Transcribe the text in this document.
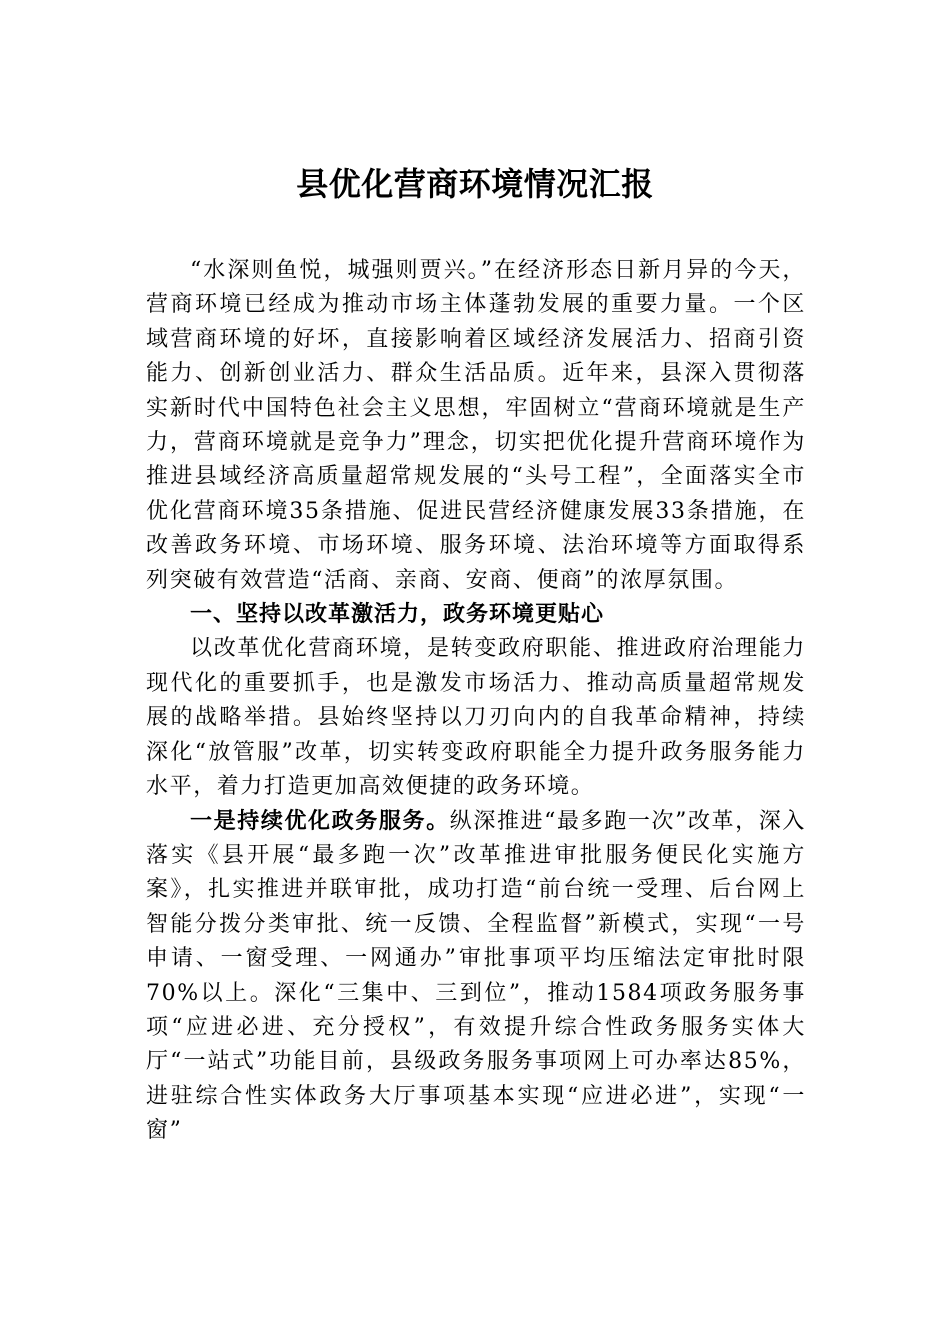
县优化营商环境情况汇报

“水深则鱼悦，城强则贾兴。”在经济形态日新月异的今天，营商环境已经成为推动市场主体蓬勃发展的重要力量。一个区域营商环境的好坏，直接影响着区域经济发展活力、招商引资能力、创新创业活力、群众生活品质。近年来，县深入贯彻落实新时代中国特色社会主义思想，牢固树立“营商环境就是生产力，营商环境就是竞争力”理念，切实把优化提升营商环境作为推进县域经济高质量超常规发展的“头号工程”，全面落实全市优化营商环境35条措施、促进民营经济健康发展33条措施，在改善政务环境、市场环境、服务环境、法治环境等方面取得系列突破有效营造“活商、亲商、安商、便商”的浓厚氛围。

一、坚持以改革激活力，政务环境更贴心

以改革优化营商环境，是转变政府职能、推进政府治理能力现代化的重要抓手，也是激发市场活力、推动高质量超常规发展的战略举措。县始终坚持以刀刃向内的自我革命精神，持续深化“放管服”改革，切实转变政府职能全力提升政务服务能力水平，着力打造更加高效便捷的政务环境。

一是持续优化政务服务。纵深推进“最多跑一次”改革，深入落实《县开展“最多跑一次”改革推进审批服务便民化实施方案》，扎实推进并联审批，成功打造“前台统一受理、后台网上智能分拨分类审批、统一反馈、全程监督”新模式，实现“一号申请、一窗受理、一网通办”审批事项平均压缩法定审批时限70%以上。深化“三集中、三到位”，推动1584项政务服务事项“应进必进、充分授权”，有效提升综合性政务服务实体大厅“一站式”功能目前，县级政务服务事项网上可办率达85%，进驻综合性实体政务大厅事项基本实现“应进必进”，实现“一窗”
